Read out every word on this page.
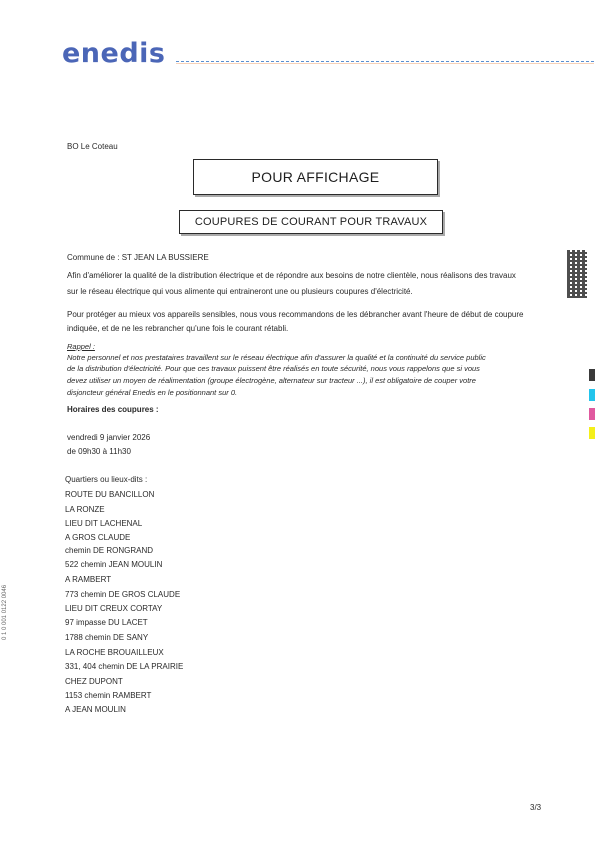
enedis
BO Le Coteau
POUR AFFICHAGE
COUPURES DE COURANT POUR TRAVAUX
Commune de : ST JEAN LA BUSSIERE
Afin d'améliorer la qualité de la distribution électrique et de répondre aux besoins de notre clientèle, nous réalisons des travaux
sur le réseau électrique qui vous alimente qui entraineront une ou plusieurs coupures d'électricité.
Pour protéger au mieux vos appareils sensibles, nous vous recommandons de les débrancher avant l'heure de début de coupure
indiquée, et de ne les rebrancher qu'une fois le courant rétabli.
Rappel :
Notre personnel et nos prestataires travaillent sur le réseau électrique afin d'assurer la qualité et la continuité du service public
de la distribution d'électricité. Pour que ces travaux puissent être réalisés en toute sécurité, nous vous rappelons que si vous
devez utiliser un moyen de réalimentation (groupe électrogène, alternateur sur tracteur ...), il est obligatoire de couper votre
disjoncteur général Enedis en le positionnant sur 0.
Horaires des coupures :
vendredi 9 janvier 2026
de 09h30 à 11h30
Quartiers ou lieux-dits :
ROUTE DU BANCILLON
LA RONZE
LIEU DIT LACHENAL
A GROS CLAUDE
chemin DE RONGRAND
522 chemin JEAN MOULIN
A RAMBERT
773 chemin DE GROS CLAUDE
LIEU DIT CREUX CORTAY
97 impasse DU LACET
1788 chemin DE SANY
LA ROCHE BROUAILLEUX
331, 404 chemin DE LA PRAIRIE
CHEZ DUPONT
1153 chemin RAMBERT
A JEAN MOULIN
0 1 0 001 0122 0046
3/3
